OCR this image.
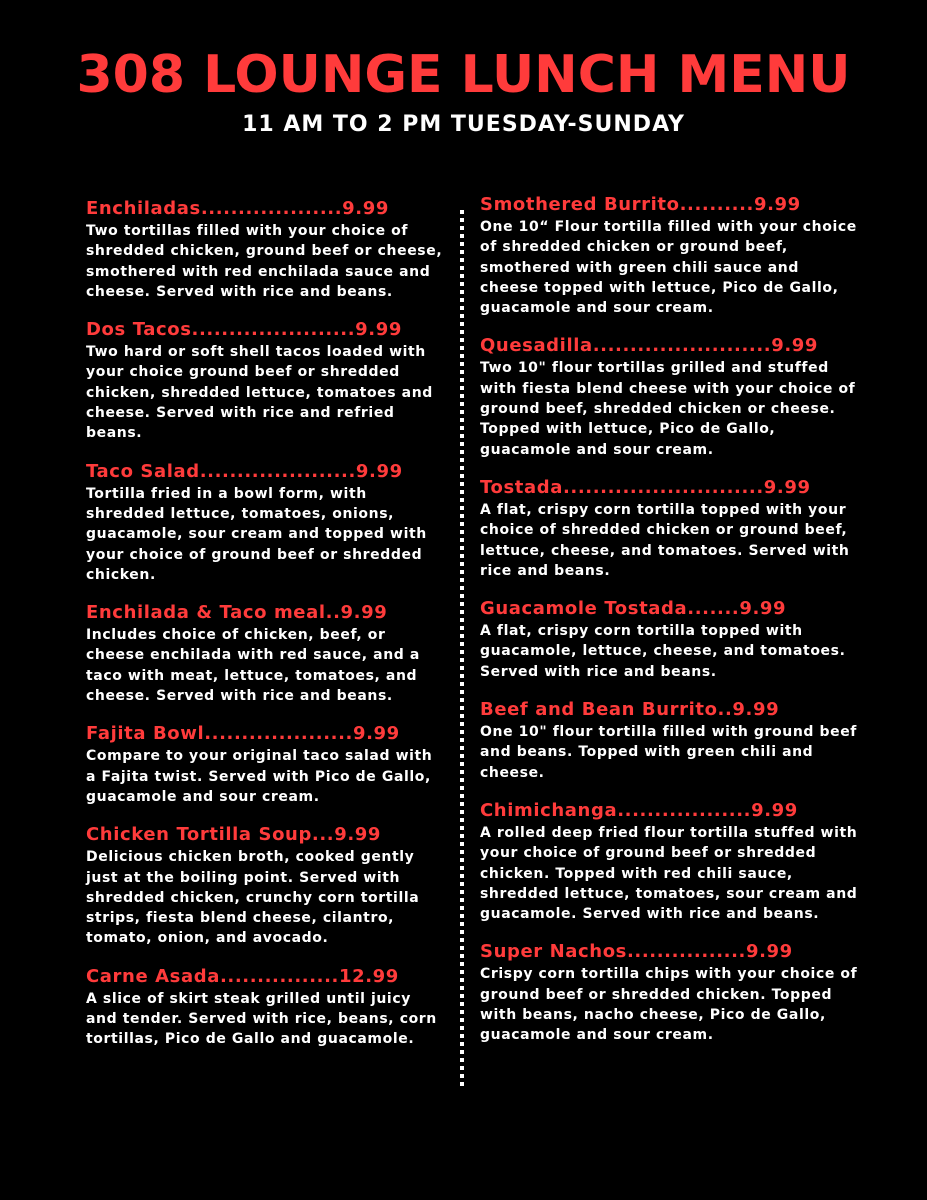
308 LOUNGE LUNCH MENU
11 AM TO 2 PM TUESDAY-SUNDAY
Enchiladas...................9.99
Two tortillas filled with your choice of shredded chicken, ground beef or cheese, smothered with red enchilada sauce and cheese. Served with rice and beans.
Dos Tacos......................9.99
Two hard or soft shell tacos loaded with your choice ground beef or shredded chicken, shredded lettuce, tomatoes and cheese. Served with rice and refried beans.
Taco Salad.....................9.99
Tortilla fried in a bowl form, with shredded lettuce, tomatoes, onions, guacamole, sour cream and topped with your choice of ground beef or shredded chicken.
Enchilada & Taco meal..9.99
Includes choice of chicken, beef, or cheese enchilada with red sauce, and a taco with meat, lettuce, tomatoes, and cheese. Served with rice and beans.
Fajita Bowl....................9.99
Compare to your original taco salad with a Fajita twist. Served with Pico de Gallo, guacamole and sour cream.
Chicken Tortilla Soup...9.99
Delicious chicken broth, cooked gently just at the boiling point. Served with shredded chicken, crunchy corn tortilla strips, fiesta blend cheese, cilantro, tomato, onion, and avocado.
Carne Asada................12.99
A slice of skirt steak grilled until juicy and tender. Served with rice, beans, corn tortillas, Pico de Gallo and guacamole.
Smothered Burrito..........9.99
One 10“ Flour tortilla filled with your choice of shredded chicken or ground beef, smothered with green chili sauce and cheese topped with lettuce, Pico de Gallo, guacamole and sour cream.
Quesadilla........................9.99
Two 10" flour tortillas grilled and stuffed with fiesta blend cheese with your choice of ground beef, shredded chicken or cheese. Topped with lettuce, Pico de Gallo, guacamole and sour cream.
Tostada...........................9.99
A flat, crispy corn tortilla topped with your choice of shredded chicken or ground beef, lettuce, cheese, and tomatoes. Served with rice and beans.
Guacamole Tostada.......9.99
A flat, crispy corn tortilla topped with guacamole, lettuce, cheese, and tomatoes. Served with rice and beans.
Beef and Bean Burrito..9.99
One 10" flour tortilla filled with ground beef and beans. Topped with green chili and cheese.
Chimichanga..................9.99
A rolled deep fried flour tortilla stuffed with your choice of ground beef or shredded chicken. Topped with red chili sauce, shredded lettuce, tomatoes, sour cream and guacamole. Served with rice and beans.
Super Nachos................9.99
Crispy corn tortilla chips with your choice of ground beef or shredded chicken. Topped with beans, nacho cheese, Pico de Gallo, guacamole and sour cream.
